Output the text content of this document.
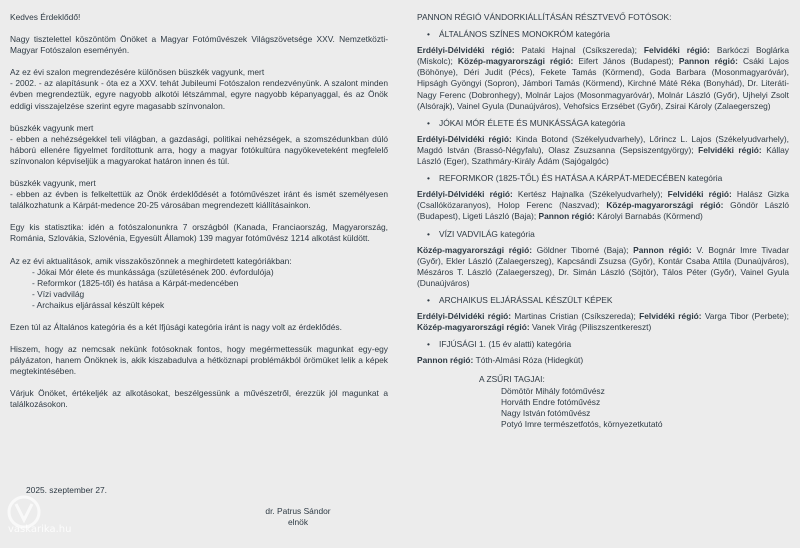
Kedves Érdeklődő!

Nagy tisztelettel köszöntöm Önöket a Magyar Fotóművészek Világszövetsége XXV. Nemzetközti-Magyar Fotószalon eseményén.

Az ez évi szalon megrendezésére különösen büszkék vagyunk, mert

- 2002. - az alapításunk - óta ez a XXV. tehát Jubileumi Fotószalon rendezvényünk. A szalont minden évben megrendeztük, egyre nagyobb alkotói létszámmal, egyre nagyobb képanyaggal, és az Önök eddigi visszajelzése szerint egyre magasabb színvonalon.

büszkék vagyunk mert

- ebben a nehézségekkel teli világban, a gazdasági, politikai nehézségek, a szomszédunkban dúló háború ellenére figyelmet fordítottunk arra, hogy a magyar fotókultúra nagyökeveteként megfelelő színvonalon képviseljük a magyarokat határon innen és túl.

büszkék vagyunk, mert

- ebben az évben is felkeltettük az Önök érdeklődését a fotóművészet iránt és ismét személyesen találkozhatunk a Kárpát-medence 20-25 városában megrendezett kiállításainkon.

Egy kis statisztika: idén a fotószalonunkra 7 országból (Kanada, Franciaország, Magyarország, Románia, Szlovákia, Szlovénia, Egyesült Államok) 139 magyar fotóművész 1214 alkotást küldött.

Az ez évi aktualitások, amik visszaköszönnek a meghirdetett kategóriákban:

- Jókai Mór élete és munkássága (születésének 200. évfordulója)

- Reformkor (1825-től) és hatása a Kárpát-medencében

- Vízi vadvilág

- Archaikus eljárással készült képek

Ezen túl az Általános kategória és a két Ifjúsági kategória iránt is nagy volt az érdeklődés.

Hiszem, hogy az nemcsak nekünk fotósoknak fontos, hogy megérmettessük magunkat egy-egy pályázaton, hanem Önöknek is, akik kiszabadulva a hétköznapi problémákból örömüket lelik a képek megtekintésében.

Várjuk Önöket, értékeljék az alkotásokat, beszélgessünk a művészetről, érezzük jól magunkat a találkozásokon.

2025. szeptember 27.

dr. Patrus Sándor

elnök

PANNON RÉGIÓ VÁNDORKIÁLLÍTÁSÁN RÉSZTVEVŐ FOTÓSOK:

• ÁLTALÁNOS SZÍNES MONOKRÓM kategória

Erdélyi-Délvidéki régió: Pataki Hajnal (Csíkszereda); Felvidéki régió: Barkóczi Boglárka (Miskolc); Közép-magyarországi régió: Eifert János (Budapest); Pannon régió: Csáki Lajos (Böhönye), Déri Judit (Pécs), Fekete Tamás (Körmend), Goda Barbara (Mosonmagyaróvár), Hipságh Gyöngyi (Sopron), Jámbori Tamás (Körmend), Kirchné Máté Réka (Bonyhád), Dr. Literáti-Nagy Ferenc (Dobronhegy), Molnár Lajos (Mosonmagyaróvár), Molnár László (Győr), Ujhelyi Zsolt (Alsórajk), Vainel Gyula (Dunaújváros), Vehofsics Erzsébet (Győr), Zsirai Károly (Zalaegerszeg)

• JÓKAI MÓR ÉLETE ÉS MUNKÁSSÁGA kategória

Erdélyi-Délvidéki régió: Kinda Botond (Székelyudvarhely), Lőrincz L. Lajos (Székelyudvarhely), Magdó István (Brassó-Négyfalu), Olasz Zsuzsanna (Sepsiszentgyörgy); Felvidéki régió: Kállay László (Eger), Szathmáry-Király Ádám (Sajógalgóc)

• REFORMKOR (1825-TŐL) ÉS HATÁSA A KÁRPÁT-MEDECÉBEN kategória

Erdélyi-Délvidéki régió: Kertész Hajnalka (Székelyudvarhely); Felvidéki régió: Halász Gizka (Csallóközaranyos), Holop Ferenc (Naszvad); Közép-magyarországi régió: Göndör László (Budapest), Ligeti László (Baja); Pannon régió: Károlyi Barnabás (Körmend)

• VÍZI VADVILÁG kategória

Közép-magyarországi régió: Göldner Tiborné (Baja); Pannon régió: V. Bognár Imre Tivadar (Győr), Ekler László (Zalaegerszeg), Kapcsándi Zsuzsa (Győr), Kontár Csaba Attila (Dunaújváros), Mészáros T. László (Zalaegerszeg), Dr. Simán László (Söjtör), Tálos Péter (Győr), Vainel Gyula (Dunaújváros)

• ARCHAIKUS ELJÁRÁSSAL KÉSZÜLT KÉPEK

Erdélyi-Délvidéki régió: Martinas Cristian (Csíkszereda); Felvidéki régió: Varga Tibor (Perbete); Közép-magyarországi régió: Vanek Virág (Piliszszentkereszt)

• IFJÚSÁGI 1. (15 év alatti) kategória

Pannon régió: Tóth-Almási Róza (Hidegkút)

A ZSŰRI TAGJAI:

Dömötör Mihály fotóművész

Horváth Endre fotóművész

Nagy István fotóművész

Potyó Imre természetfotós, környezetkutató

vaskarika.hu
